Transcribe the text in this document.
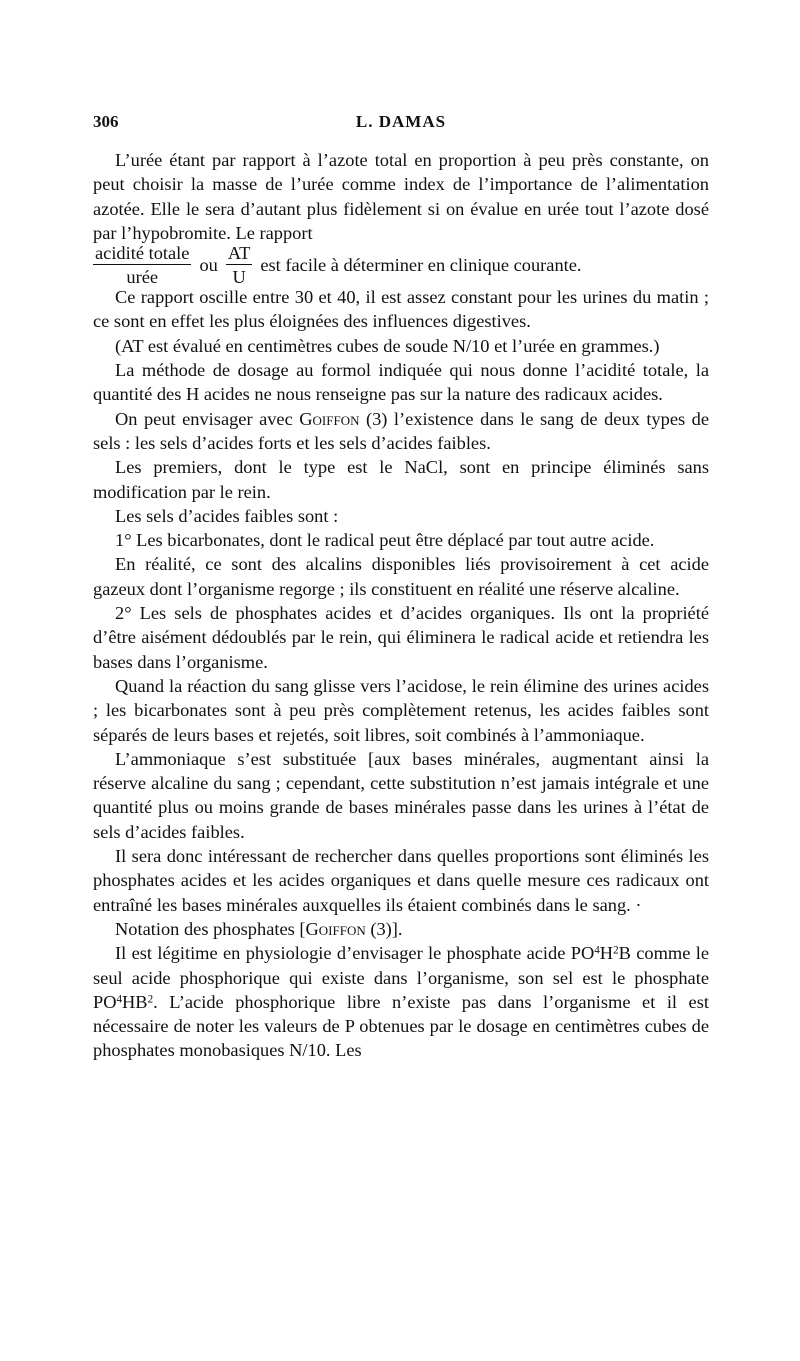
306	L. DAMAS

L’urée étant par rapport à l’azote total en proportion à peu près constante, on peut choisir la masse de l’urée comme index de l’importance de l’alimentation azotée. Elle le sera d’autant plus fidèlement si on évalue en urée tout l’azote dosé par l’hypobromite. Le rapport

$\frac{\text{acidité totale}}{\text{urée}}$ ou $\frac{AT}{U}$ est facile à déterminer en clinique courante.

Ce rapport oscille entre 30 et 40, il est assez constant pour les urines du matin ; ce sont en effet les plus éloignées des influences digestives.

(AT est évalué en centimètres cubes de soude N/10 et l’urée en grammes.)

La méthode de dosage au formol indiquée qui nous donne l’acidité totale, la quantité des H acides ne nous renseigne pas sur la nature des radicaux acides.

On peut envisager avec Goiffon (3) l’existence dans le sang de deux types de sels : les sels d’acides forts et les sels d’acides faibles.

Les premiers, dont le type est le NaCl, sont en principe éliminés sans modification par le rein.

Les sels d’acides faibles sont :

1° Les bicarbonates, dont le radical peut être déplacé par tout autre acide.

En réalité, ce sont des alcalins disponibles liés provisoirement à cet acide gazeux dont l’organisme regorge ; ils constituent en réalité une réserve alcaline.

2° Les sels de phosphates acides et d’acides organiques. Ils ont la propriété d’être aisément dédoublés par le rein, qui éliminera le radical acide et retiendra les bases dans l’organisme.

Quand la réaction du sang glisse vers l’acidose, le rein élimine des urines acides ; les bicarbonates sont à peu près complètement retenus, les acides faibles sont séparés de leurs bases et rejetés, soit libres, soit combinés à l’ammoniaque.

L’ammoniaque s’est substituée [aux bases minérales, augmentant ainsi la réserve alcaline du sang ; cependant, cette substitution n’est jamais intégrale et une quantité plus ou moins grande de bases minérales passe dans les urines à l’état de sels d’acides faibles.

Il sera donc intéressant de rechercher dans quelles proportions sont éliminés les phosphates acides et les acides organiques et dans quelle mesure ces radicaux ont entraîné les bases minérales auxquelles ils étaient combinés dans le sang. ·

Notation des phosphates [Goiffon (3)].

Il est légitime en physiologie d’envisager le phosphate acide $PO^4H^2B$ comme le seul acide phosphorique qui existe dans l’organisme, son sel est le phosphate $PO^4HB^2$. L’acide phosphorique libre n’existe pas dans l’organisme et il est nécessaire de noter les valeurs de P obtenues par le dosage en centimètres cubes de phosphates monobasiques N/10. Les
